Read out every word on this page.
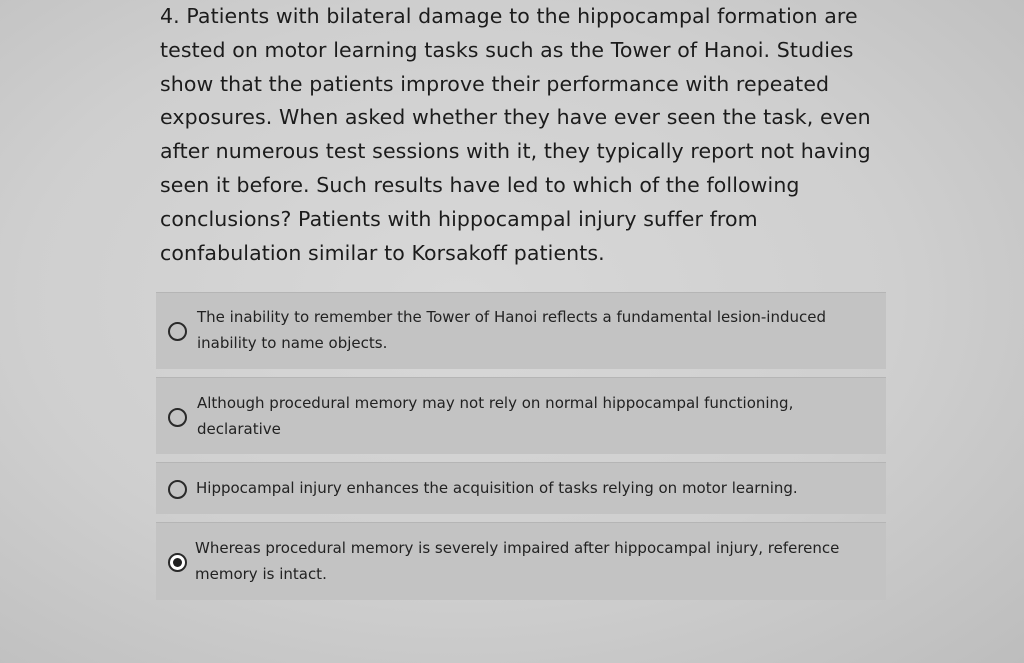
4. Patients with bilateral damage to the hippocampal formation are tested on motor learning tasks such as the Tower of Hanoi. Studies show that the patients improve their performance with repeated exposures. When asked whether they have ever seen the task, even after numerous test sessions with it, they typically report not having seen it before. Such results have led to which of the following conclusions? Patients with hippocampal injury suffer from confabulation similar to Korsakoff patients.

The inability to remember the Tower of Hanoi reflects a fundamental lesion-induced inability to name objects.
Although procedural memory may not rely on normal hippocampal functioning, declarative
Hippocampal injury enhances the acquisition of tasks relying on motor learning.
Whereas procedural memory is severely impaired after hippocampal injury, reference memory is intact.
